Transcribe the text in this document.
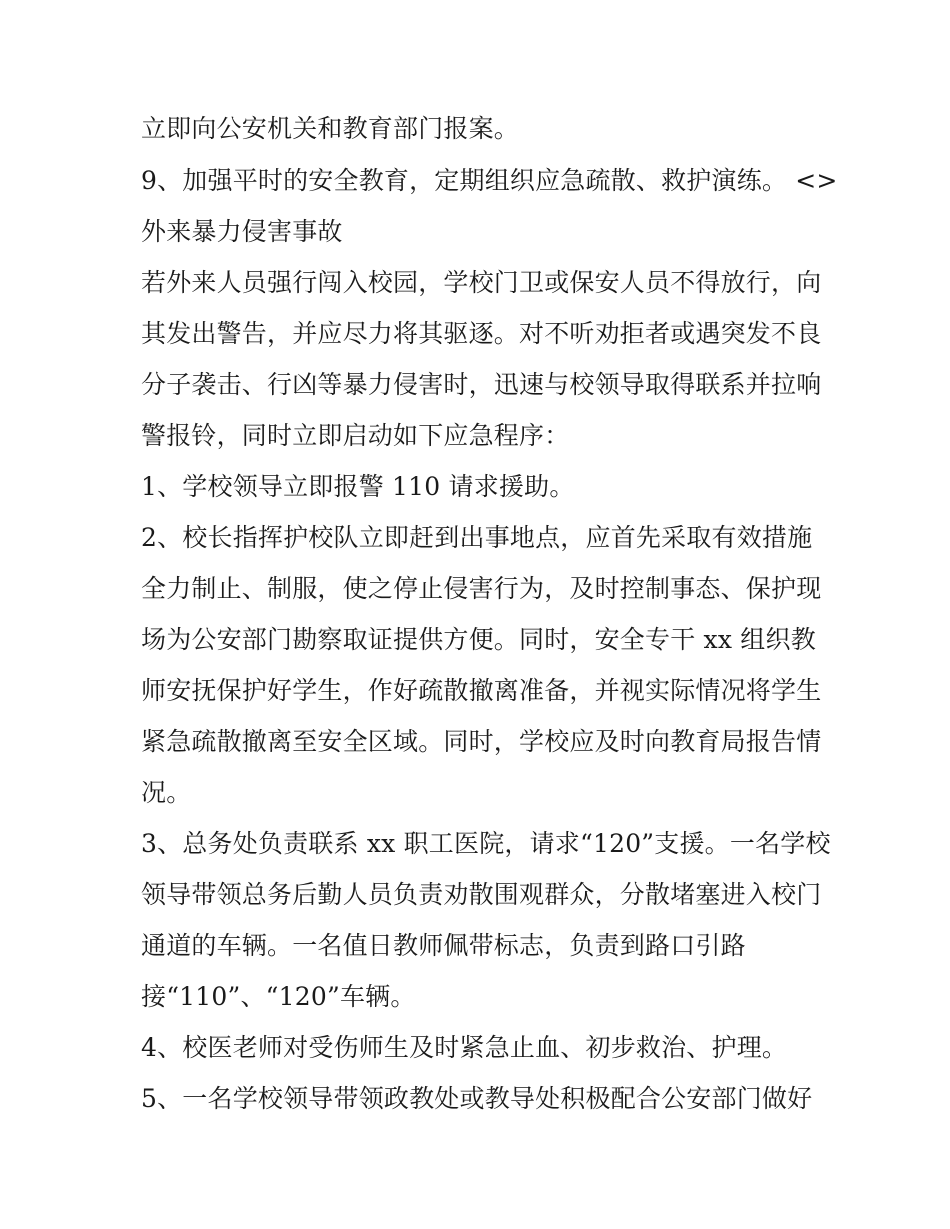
立即向公安机关和教育部门报案。
9、加强平时的安全教育，定期组织应急疏散、救护演练。 <>
外来暴力侵害事故
若外来人员强行闯入校园，学校门卫或保安人员不得放行，向
其发出警告，并应尽力将其驱逐。对不听劝拒者或遇突发不良
分子袭击、行凶等暴力侵害时，迅速与校领导取得联系并拉响
警报铃，同时立即启动如下应急程序：
1、学校领导立即报警 110 请求援助。
2、校长指挥护校队立即赶到出事地点，应首先采取有效措施
全力制止、制服，使之停止侵害行为，及时控制事态、保护现
场为公安部门勘察取证提供方便。同时，安全专干 xx 组织教
师安抚保护好学生，作好疏散撤离准备，并视实际情况将学生
紧急疏散撤离至安全区域。同时，学校应及时向教育局报告情
况。
3、总务处负责联系 xx 职工医院，请求“120”支援。一名学校
领导带领总务后勤人员负责劝散围观群众，分散堵塞进入校门
通道的车辆。一名值日教师佩带标志，负责到路口引路
接“110”、“120”车辆。
4、校医老师对受伤师生及时紧急止血、初步救治、护理。
5、一名学校领导带领政教处或教导处积极配合公安部门做好
